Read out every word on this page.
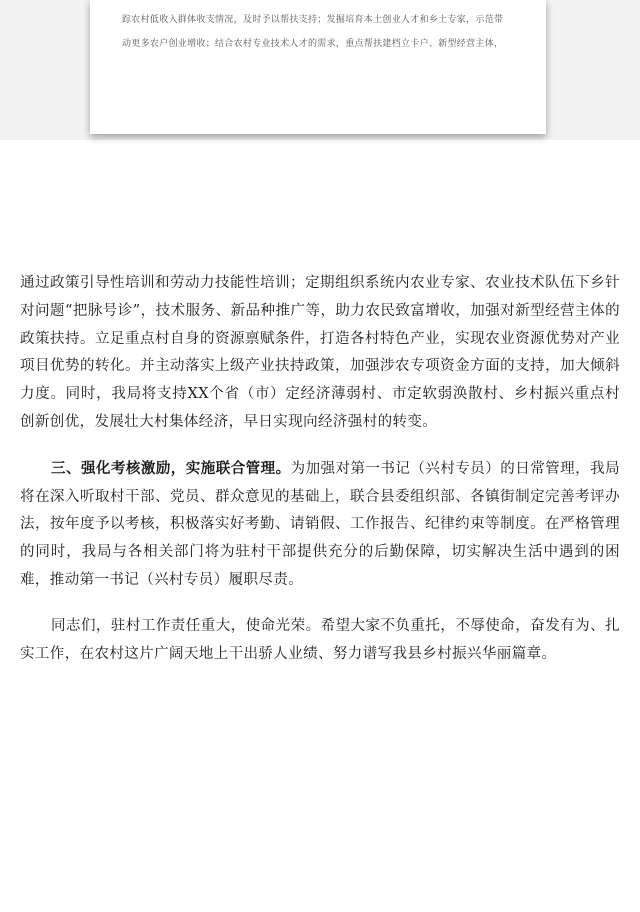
踪农村低收入群体收支情况，及时予以帮扶支持；发掘培育本土创业人才和乡土专家，示范带
动更多农户创业增收；结合农村专业技术人才的需求，重点帮扶建档立卡户、新型经营主体，

通过政策引导性培训和劳动力技能性培训；定期组织系统内农业专家、农业技术队伍下乡针对问题“把脉号诊”，技术服务、新品种推广等，助力农民致富增收，加强对新型经营主体的政策扶持。立足重点村自身的资源禀赋条件，打造各村特色产业，实现农业资源优势对产业项目优势的转化。并主动落实上级产业扶持政策，加强涉农专项资金方面的支持，加大倾斜力度。同时，我局将支持XX个省（市）定经济薄弱村、市定软弱涣散村、乡村振兴重点村创新创优，发展壮大村集体经济，早日实现向经济强村的转变。

三、强化考核激励，实施联合管理。为加强对第一书记（兴村专员）的日常管理，我局将在深入听取村干部、党员、群众意见的基础上，联合县委组织部、各镇街制定完善考评办法，按年度予以考核，积极落实好考勤、请销假、工作报告、纪律约束等制度。在严格管理的同时，我局与各相关部门将为驻村干部提供充分的后勤保障，切实解决生活中遇到的困难，推动第一书记（兴村专员）履职尽责。

同志们，驻村工作责任重大，使命光荣。希望大家不负重托，不辱使命，奋发有为、扎实工作，在农村这片广阔天地上干出骄人业绩、努力谱写我县乡村振兴华丽篇章。
